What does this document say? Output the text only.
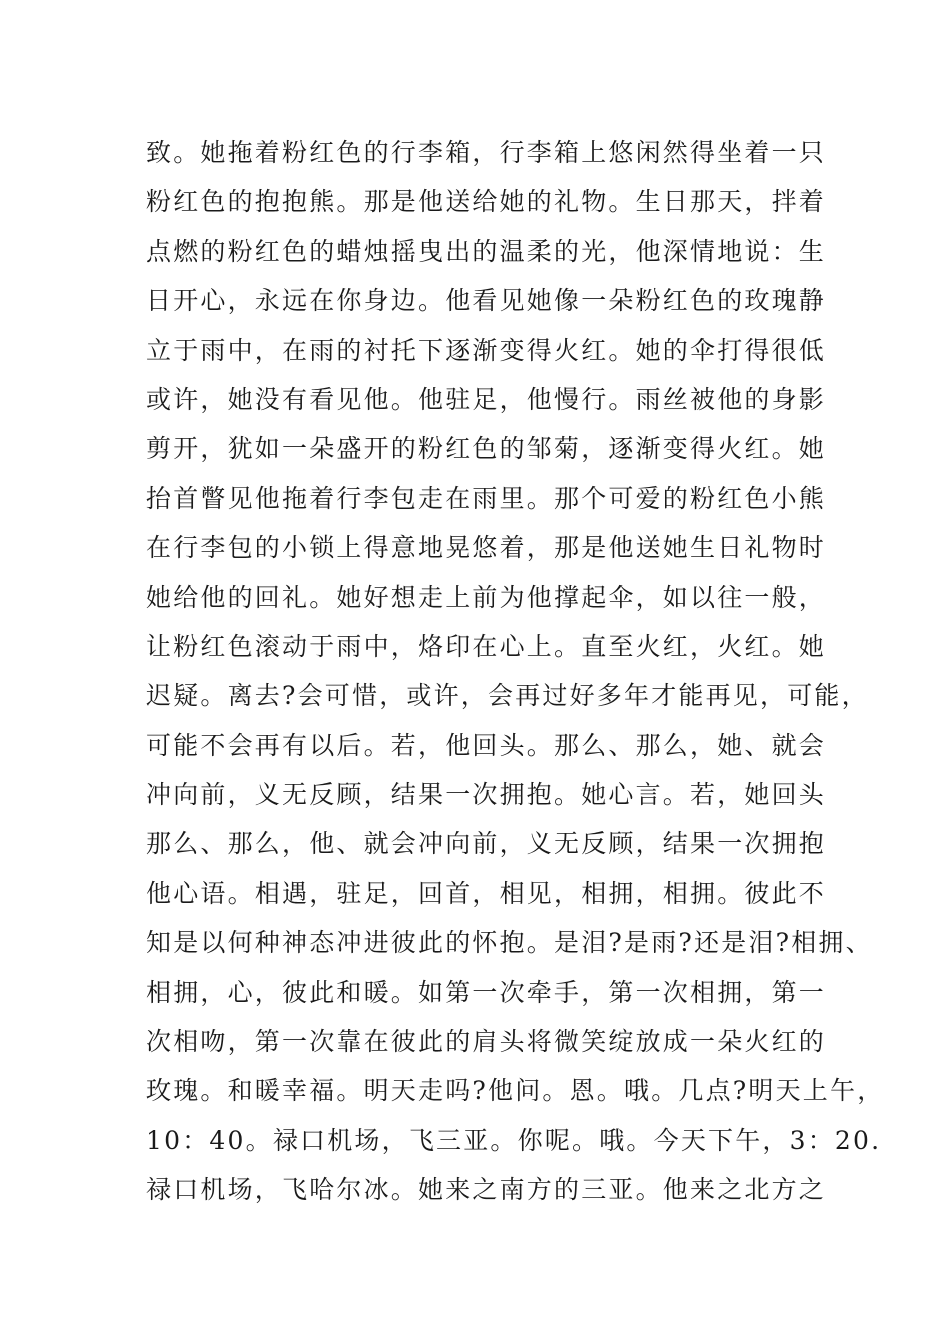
致。她拖着粉红色的行李箱，行李箱上悠闲然得坐着一只
粉红色的抱抱熊。那是他送给她的礼物。生日那天，拌着
点燃的粉红色的蜡烛摇曳出的温柔的光，他深情地说：生
日开心，永远在你身边。他看见她像一朵粉红色的玫瑰静
立于雨中，在雨的衬托下逐渐变得火红。她的伞打得很低
或许，她没有看见他。他驻足，他慢行。雨丝被他的身影
剪开，犹如一朵盛开的粉红色的邹菊，逐渐变得火红。她
抬首瞥见他拖着行李包走在雨里。那个可爱的粉红色小熊
在行李包的小锁上得意地晃悠着，那是他送她生日礼物时
她给他的回礼。她好想走上前为他撑起伞，如以往一般，
让粉红色滚动于雨中，烙印在心上。直至火红，火红。她
迟疑。离去?会可惜，或许，会再过好多年才能再见，可能，
可能不会再有以后。若，他回头。那么、那么，她、就会
冲向前，义无反顾，结果一次拥抱。她心言。若，她回头
那么、那么，他、就会冲向前，义无反顾，结果一次拥抱
他心语。相遇，驻足，回首，相见，相拥，相拥。彼此不
知是以何种神态冲进彼此的怀抱。是泪?是雨?还是泪?相拥、
相拥，心，彼此和暖。如第一次牵手，第一次相拥，第一
次相吻，第一次靠在彼此的肩头将微笑绽放成一朵火红的
玫瑰。和暖幸福。明天走吗?他问。恩。哦。几点?明天上午，
10：40。禄口机场，飞三亚。你呢。哦。今天下午，3：20.
禄口机场，飞哈尔冰。她来之南方的三亚。他来之北方之
